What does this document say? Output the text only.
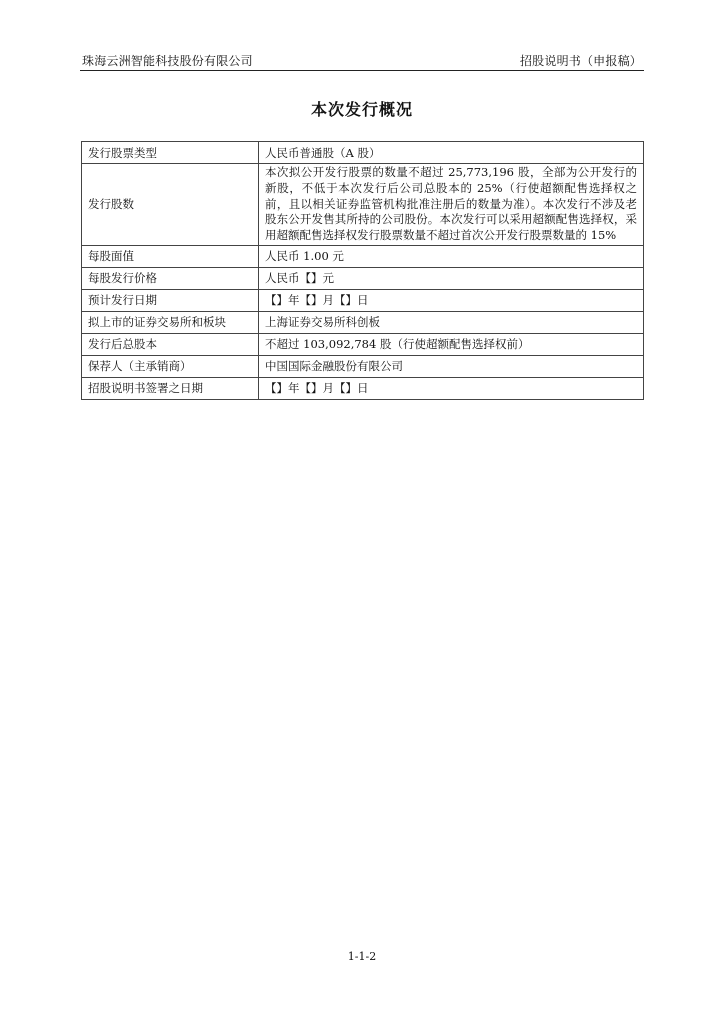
珠海云洲智能科技股份有限公司	招股说明书（申报稿）
本次发行概况
发行股票类型	人民币普通股（A 股）
发行股数	本次拟公开发行股票的数量不超过 25,773,196 股，全部为公开发行的新股，不低于本次发行后公司总股本的 25%（行使超额配售选择权之前，且以相关证券监管机构批准注册后的数量为准）。本次发行不涉及老股东公开发售其所持的公司股份。本次发行可以采用超额配售选择权，采用超额配售选择权发行股票数量不超过首次公开发行股票数量的 15%
每股面值	人民币 1.00 元
每股发行价格	人民币【】元
预计发行日期	【】年【】月【】日
拟上市的证券交易所和板块	上海证券交易所科创板
发行后总股本	不超过 103,092,784 股（行使超额配售选择权前）
保荐人（主承销商）	中国国际金融股份有限公司
招股说明书签署之日期	【】年【】月【】日
1-1-2
